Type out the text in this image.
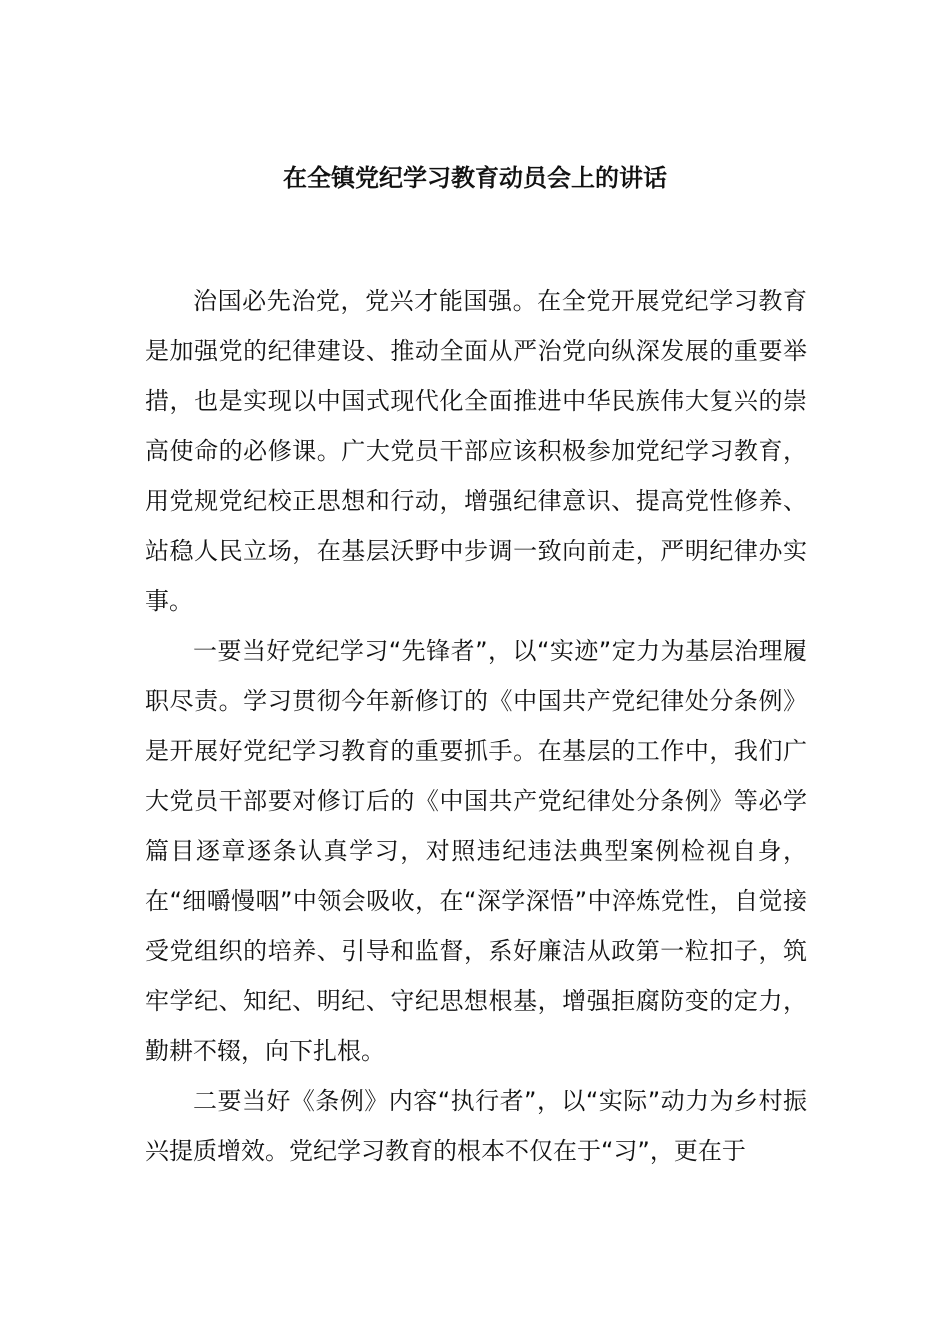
在全镇党纪学习教育动员会上的讲话

治国必先治党，党兴才能国强。在全党开展党纪学习教育是加强党的纪律建设、推动全面从严治党向纵深发展的重要举措，也是实现以中国式现代化全面推进中华民族伟大复兴的崇高使命的必修课。广大党员干部应该积极参加党纪学习教育，用党规党纪校正思想和行动，增强纪律意识、提高党性修养、站稳人民立场，在基层沃野中步调一致向前走，严明纪律办实事。

一要当好党纪学习“先锋者”，以“实迹”定力为基层治理履职尽责。学习贯彻今年新修订的《中国共产党纪律处分条例》是开展好党纪学习教育的重要抓手。在基层的工作中，我们广大党员干部要对修订后的《中国共产党纪律处分条例》等必学篇目逐章逐条认真学习，对照违纪违法典型案例检视自身，在“细嚼慢咽”中领会吸收，在“深学深悟”中淬炼党性，自觉接受党组织的培养、引导和监督，系好廉洁从政第一粒扣子，筑牢学纪、知纪、明纪、守纪思想根基，增强拒腐防变的定力，勤耕不辍，向下扎根。

二要当好《条例》内容“执行者”，以“实际”动力为乡村振兴提质增效。党纪学习教育的根本不仅在于“习”，更在于
